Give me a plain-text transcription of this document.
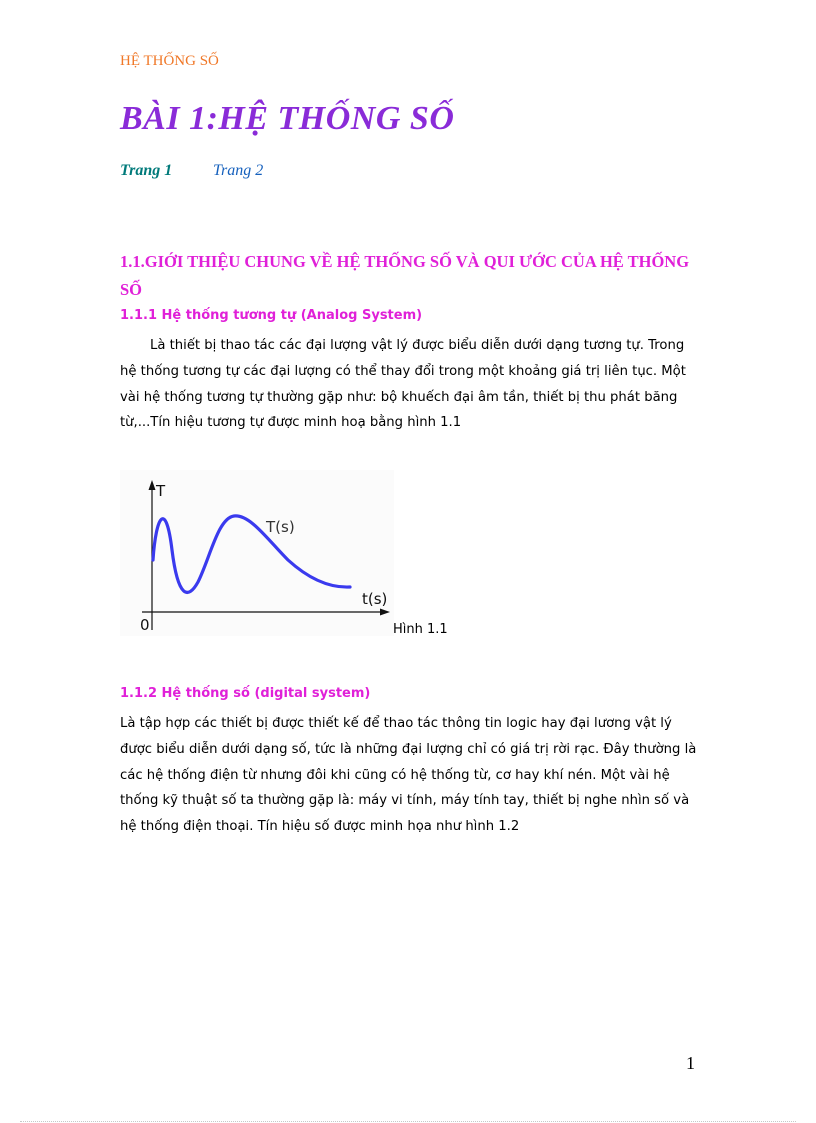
HỆ THỐNG SỐ
BÀI 1:HỆ THỐNG SỐ
Trang 1	Trang 2
1.1.GIỚI THIỆU CHUNG VỀ HỆ THỐNG SỐ VÀ QUI ƯỚC CỦA HỆ THỐNG SỐ
1.1.1 Hệ thống tương tự (Analog System)

Là thiết bị thao tác các đại lượng vật lý được biểu diễn dưới dạng tương tự. Trong hệ thống tương tự các đại lượng có thể thay đổi trong một khoảng giá trị liên tục. Một vài hệ thống tương tự thường gặp như: bộ khuếch đại âm tần, thiết bị thu phát băng từ,...Tín hiệu tương tự được minh hoạ bằng hình 1.1

T
T(s)
t(s)
0	Hình 1.1
1.1.2 Hệ thống số (digital system)

Là tập hợp các thiết bị được thiết kế để thao tác thông tin logic hay đại lương vật lý được biểu diễn dưới dạng số, tức là những đại lượng chỉ có giá trị rời rạc. Đây thường là các hệ thống điện từ nhưng đôi khi cũng có hệ thống từ, cơ hay khí nén. Một vài hệ thống kỹ thuật số ta thường gặp là: máy vi tính, máy tính tay, thiết bị nghe nhìn số và hệ thống điện thoại. Tín hiệu số được minh họa như hình 1.2

1
